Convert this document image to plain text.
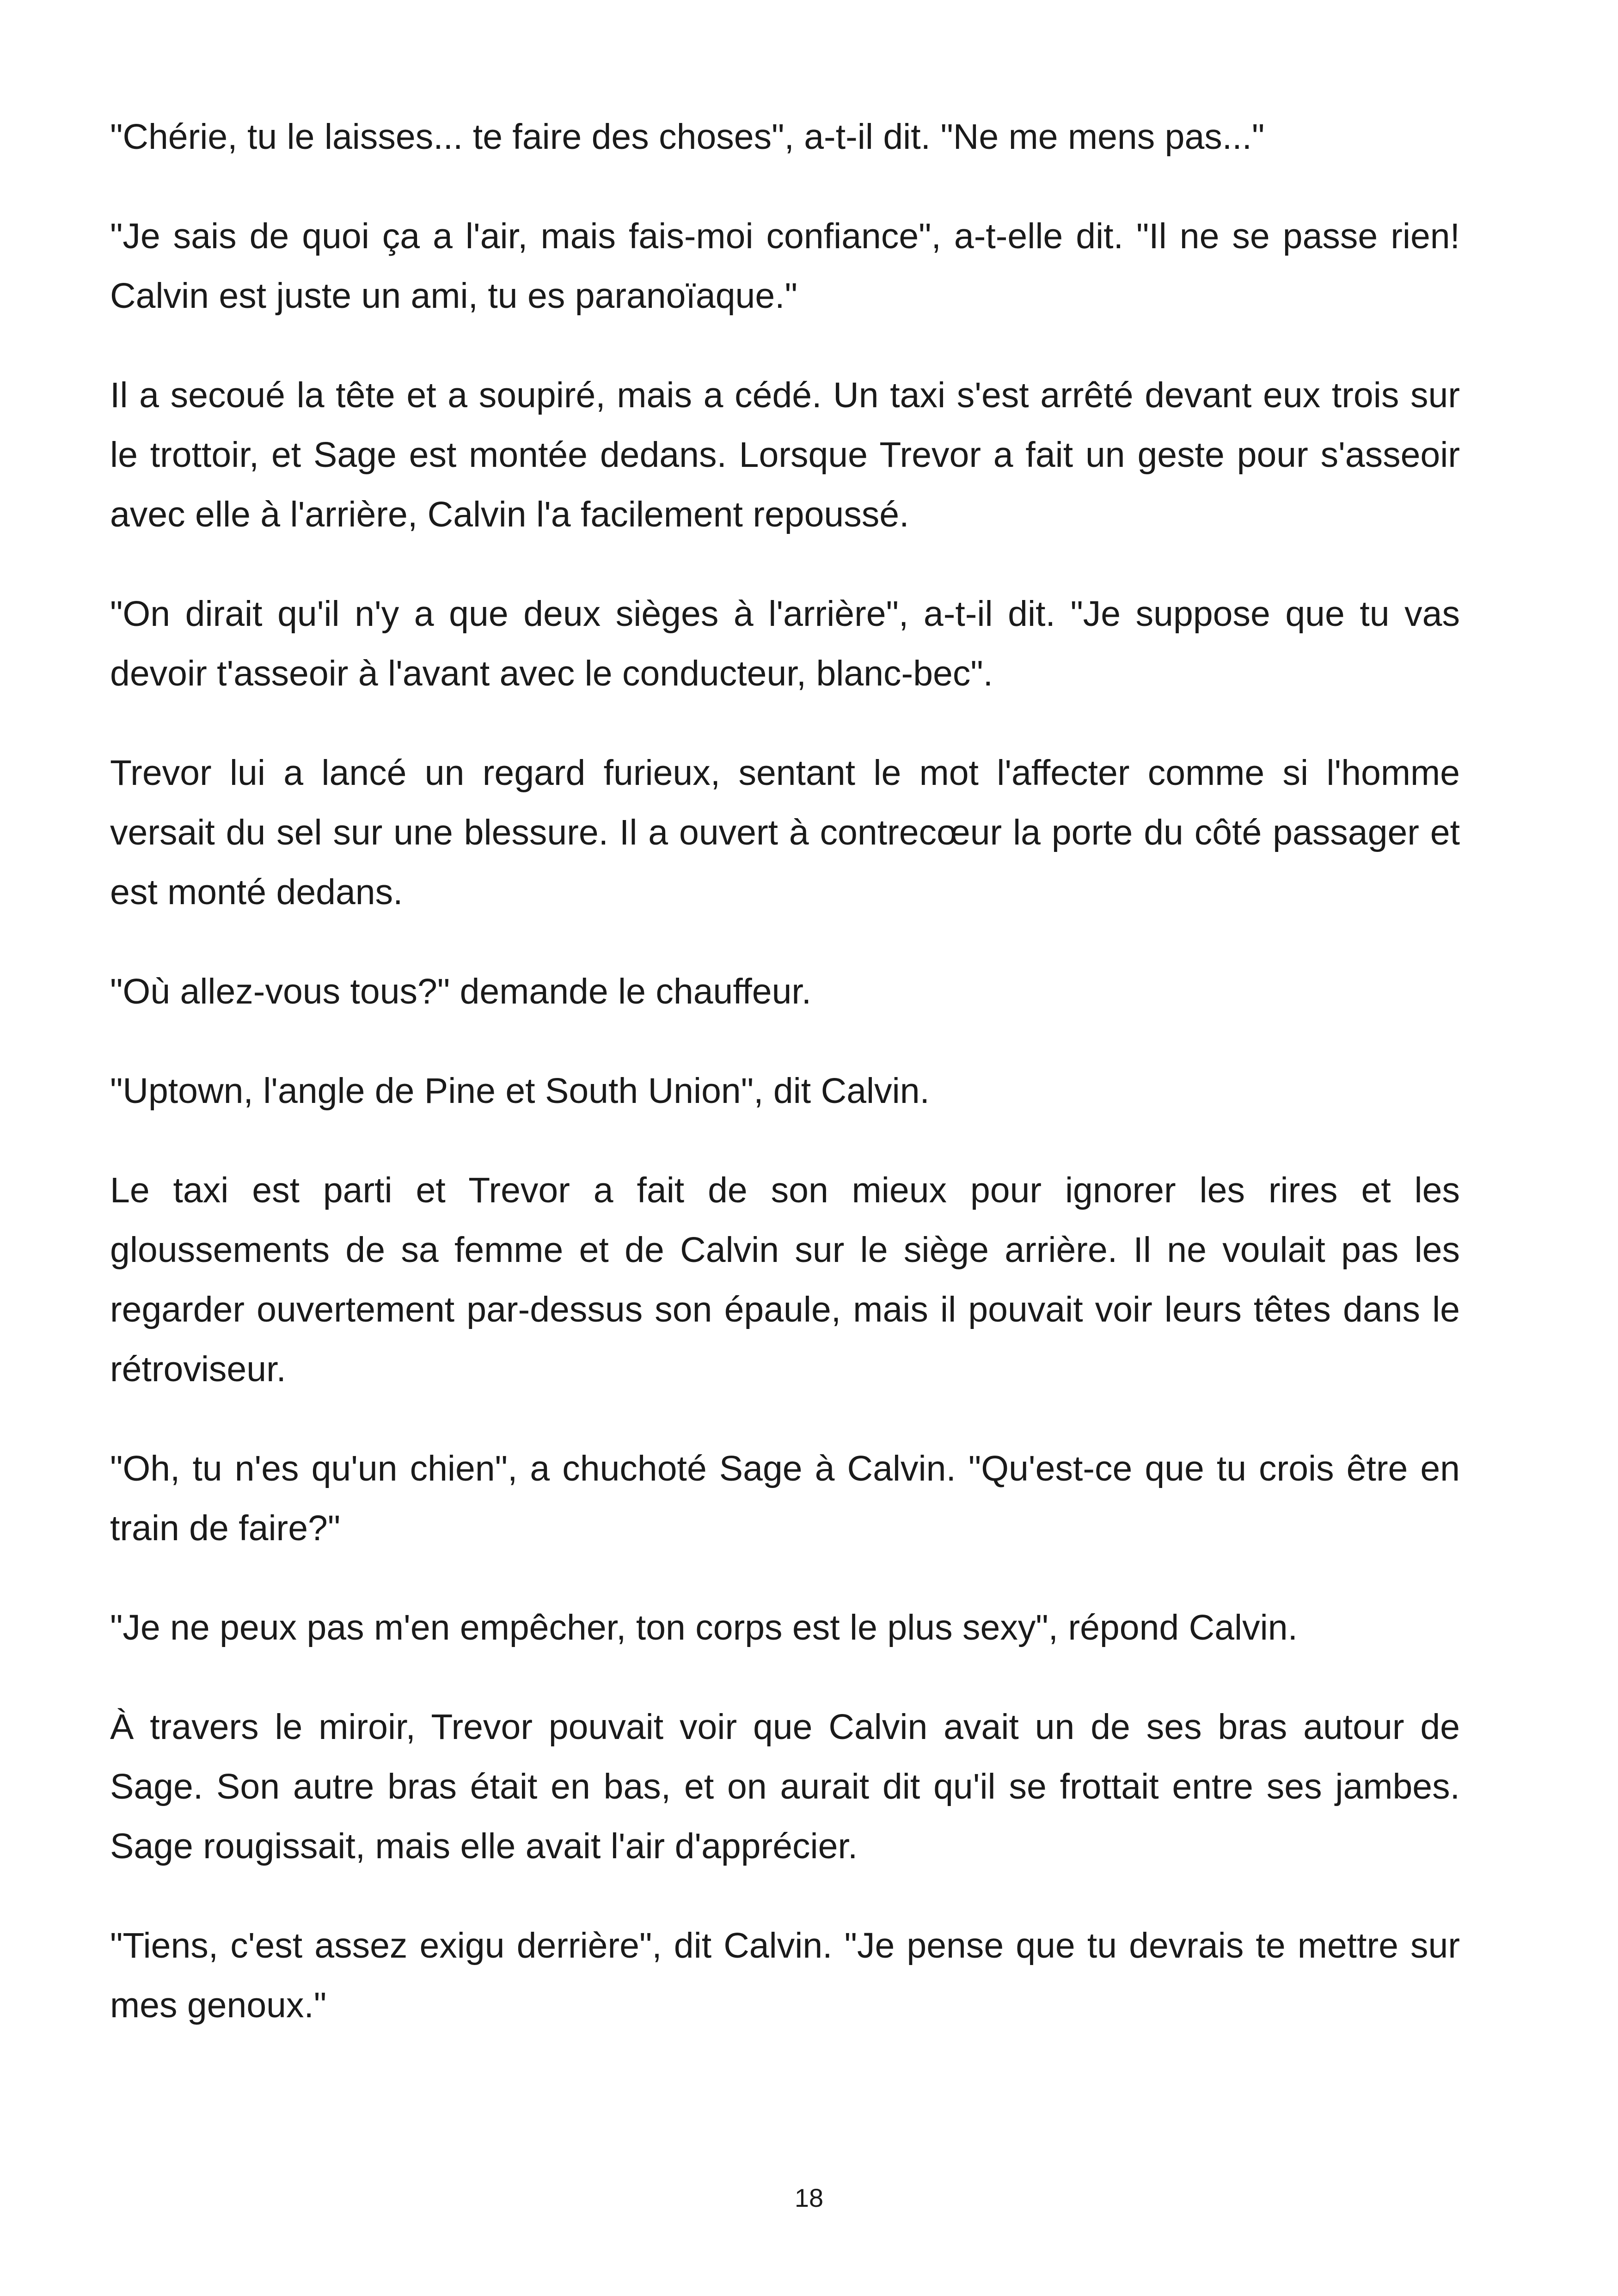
"Chérie, tu le laisses... te faire des choses", a-t-il dit. "Ne me mens pas..."

"Je sais de quoi ça a l'air, mais fais-moi confiance", a-t-elle dit. "Il ne se passe rien! Calvin est juste un ami, tu es paranoïaque."

Il a secoué la tête et a soupiré, mais a cédé. Un taxi s'est arrêté devant eux trois sur le trottoir, et Sage est montée dedans. Lorsque Trevor a fait un geste pour s'asseoir avec elle à l'arrière, Calvin l'a facilement repoussé.

"On dirait qu'il n'y a que deux sièges à l'arrière", a-t-il dit. "Je suppose que tu vas devoir t'asseoir à l'avant avec le conducteur, blanc-bec".

Trevor lui a lancé un regard furieux, sentant le mot l'affecter comme si l'homme versait du sel sur une blessure. Il a ouvert à contrecœur la porte du côté passager et est monté dedans.

"Où allez-vous tous?" demande le chauffeur.

"Uptown, l'angle de Pine et South Union", dit Calvin.

Le taxi est parti et Trevor a fait de son mieux pour ignorer les rires et les gloussements de sa femme et de Calvin sur le siège arrière. Il ne voulait pas les regarder ouvertement par-dessus son épaule, mais il pouvait voir leurs têtes dans le rétroviseur.

"Oh, tu n'es qu'un chien", a chuchoté Sage à Calvin. "Qu'est-ce que tu crois être en train de faire?"

"Je ne peux pas m'en empêcher, ton corps est le plus sexy", répond Calvin.

À travers le miroir, Trevor pouvait voir que Calvin avait un de ses bras autour de Sage. Son autre bras était en bas, et on aurait dit qu'il se frottait entre ses jambes. Sage rougissait, mais elle avait l'air d'apprécier.

"Tiens, c'est assez exigu derrière", dit Calvin. "Je pense que tu devrais te mettre sur mes genoux."

18
